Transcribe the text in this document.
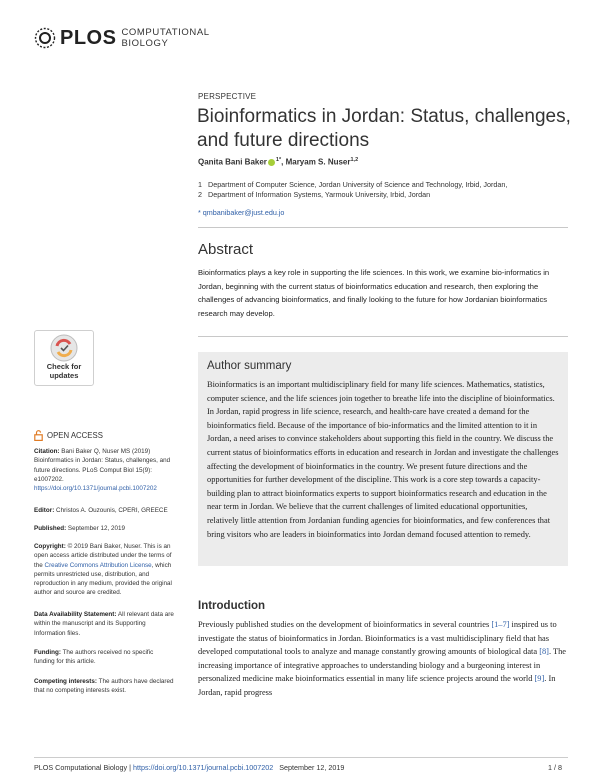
PLOS COMPUTATIONAL
BIOLOGY
PERSPECTIVE
Bioinformatics in Jordan: Status, challenges, and future directions
Qanita Bani Baker $^{1*}$, Maryam S. Nuser$^{1,2}$
1 Department of Computer Science, Jordan University of Science and Technology, Irbid, Jordan,
2 Department of Information Systems, Yarmouk University, Irbid, Jordan
* qmbanibaker@just.edu.jo
Abstract
Bioinformatics plays a key role in supporting the life sciences. In this work, we examine bio-informatics in Jordan, beginning with the current status of bioinformatics education and research, then exploring the challenges of advancing bioinformatics, and finally looking to the future for how Jordanian bioinformatics research may develop.
Author summary
Bioinformatics is an important multidisciplinary field for many life sciences. Mathematics, statistics, computer science, and the life sciences join together to breathe life into the discipline of bioinformatics. In Jordan, rapid progress in life science, research, and health-care have created a demand for the bioinformatics field. Because of the importance of bio-informatics and the limited attention to it in Jordan, a need arises to convince stakeholders about supporting this field in the country. We discuss the current status of bioinformatics efforts in education and research in Jordan and investigate the challenges affecting the development of bioinformatics in the country. We present future directions and the opportunities for further development of the discipline. This work is a core step towards a capacity-building plan to attract bioinformatics experts to support bioinformatics research and education in the near term in Jordan. We believe that the current challenges of limited educational opportunities, relatively little attention from Jordanian funding agencies for bioinformatics, and few conferences that bring visitors who are leaders in bioinformatics into Jordan demand focused attention to remedy.
Introduction
Previously published studies on the development of bioinformatics in several countries [1–7] inspired us to investigate the status of bioinformatics in Jordan. Bioinformatics is a vast multidisciplinary field that has developed computational tools to analyze and manage constantly growing amounts of biological data [8]. The increasing importance of integrative approaches to understanding biology and a burgeoning interest in personalized medicine make bioinformatics essential in many life science projects around the world [9]. In Jordan, rapid progress
Check for
updates
OPEN ACCESS
Citation: Bani Baker Q, Nuser MS (2019) Bioinformatics in Jordan: Status, challenges, and future directions. PLoS Comput Biol 15(9): e1007202. https://doi.org/10.1371/journal.pcbi.1007202
Editor: Christos A. Ouzounis, CPERI, GREECE
Published: September 12, 2019
Copyright: © 2019 Bani Baker, Nuser. This is an open access article distributed under the terms of the Creative Commons Attribution License, which permits unrestricted use, distribution, and reproduction in any medium, provided the original author and source are credited.
Data Availability Statement: All relevant data are within the manuscript and its Supporting Information files.
Funding: The authors received no specific funding for this article.
Competing interests: The authors have declared that no competing interests exist.
PLOS Computational Biology | https://doi.org/10.1371/journal.pcbi.1007202   September 12, 2019	1 / 8
